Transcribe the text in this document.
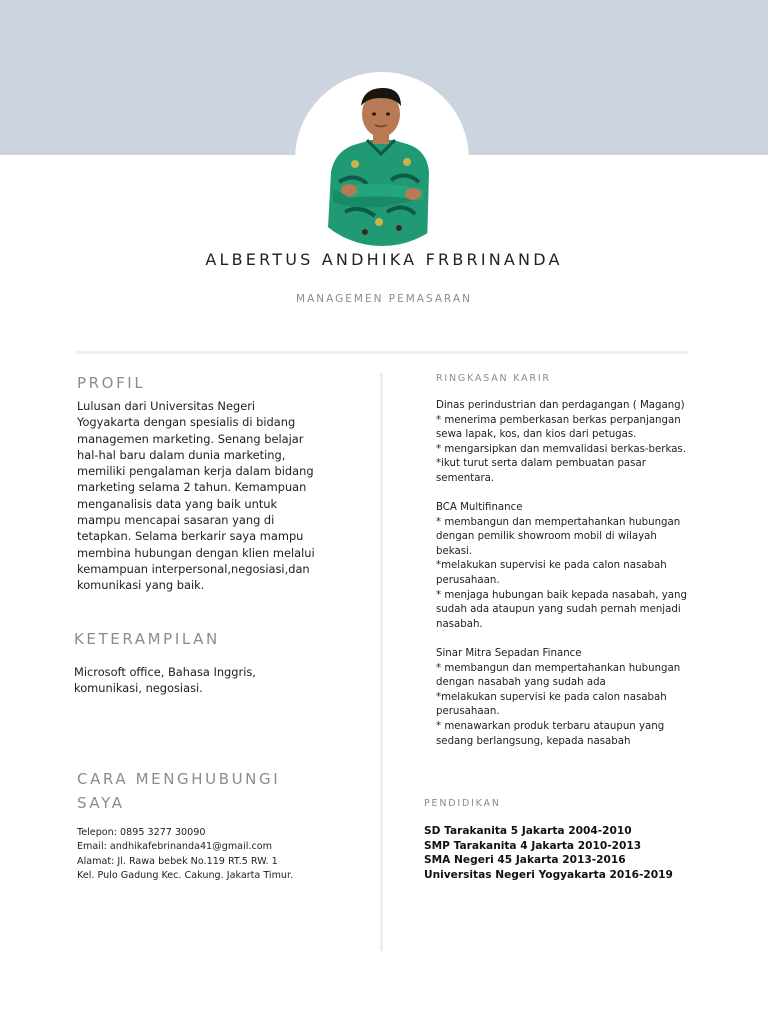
ALBERTUS ANDHIKA FRBRINANDA
MANAGEMEN PEMASARAN
PROFIL

Lulusan dari Universitas Negeri
Yogyakarta dengan spesialis di bidang
managemen marketing. Senang belajar
hal-hal baru dalam dunia marketing,
memiliki pengalaman kerja dalam bidang
marketing selama 2 tahun. Kemampuan
menganalisis data yang baik untuk
mampu mencapai sasaran yang di
tetapkan. Selama berkarir saya mampu
membina hubungan dengan klien melalui
kemampuan interpersonal,negosiasi,dan
komunikasi yang baik.

KETERAMPILAN

Microsoft office, Bahasa Inggris,
komunikasi, negosiasi.

CARA MENGHUBUNGI
SAYA
Telepon: 0895 3277 30090
Email: andhikafebrinanda41@gmail.com
Alamat: Jl. Rawa bebek No.119 RT.5 RW. 1
Kel. Pulo Gadung Kec. Cakung. Jakarta Timur.
RINGKASAN KARIR
Dinas perindustrian dan perdagangan ( Magang)
* menerima pemberkasan berkas perpanjangan
sewa lapak, kos, dan kios dari petugas.
* mengarsipkan dan memvalidasi berkas-berkas.
*ikut turut serta dalam pembuatan pasar
sementara.
BCA Multifinance
* membangun dan mempertahankan hubungan
dengan pemilik showroom mobil di wilayah
bekasi.
*melakukan supervisi ke pada calon nasabah
perusahaan.
* menjaga hubungan baik kepada nasabah, yang
sudah ada ataupun yang sudah pernah menjadi
nasabah.
Sinar Mitra Sepadan Finance
* membangun dan mempertahankan hubungan
dengan nasabah yang sudah ada
*melakukan supervisi ke pada calon nasabah
perusahaan.
* menawarkan produk terbaru ataupun yang
sedang berlangsung, kepada nasabah
PENDIDIKAN
SD Tarakanita 5 Jakarta 2004-2010
SMP Tarakanita 4 Jakarta 2010-2013
SMA Negeri 45 Jakarta 2013-2016
Universitas Negeri Yogyakarta 2016-2019
